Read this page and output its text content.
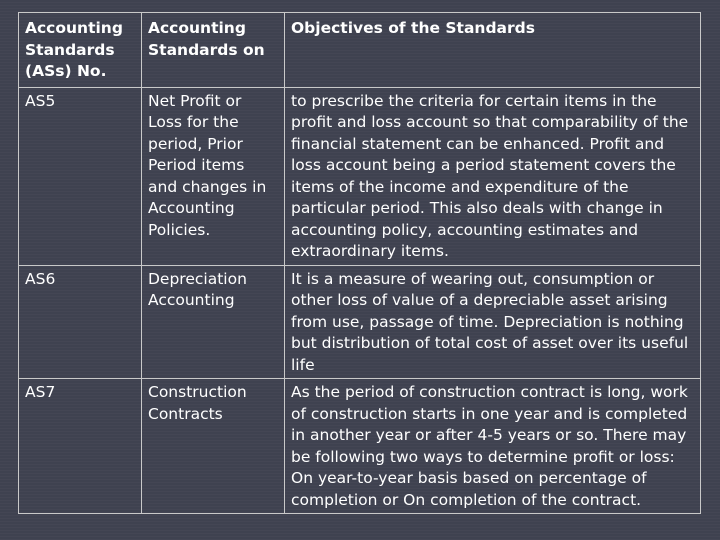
Accounting Standards (ASs) No.	Accounting Standards on	Objectives of the Standards
AS5	Net Profit or Loss for the period, Prior Period items and changes in Accounting Policies.	to prescribe the criteria for certain items in the profit and loss account so that comparability of the financial statement can be enhanced. Profit and loss account being a period statement covers the items of the income and expenditure of the particular period. This also deals with change in accounting policy, accounting estimates and extraordinary items.
AS6	Depreciation Accounting	It is a measure of wearing out, consumption or other loss of value of a depreciable asset arising from use, passage of time. Depreciation is nothing but distribution of total cost of asset over its useful life
AS7	Construction Contracts	As the period of construction contract is long, work of construction starts in one year and is completed in another year or after 4-5 years or so. There may be following two ways to determine profit or loss: On year-to-year basis based on percentage of completion or On completion of the contract.
